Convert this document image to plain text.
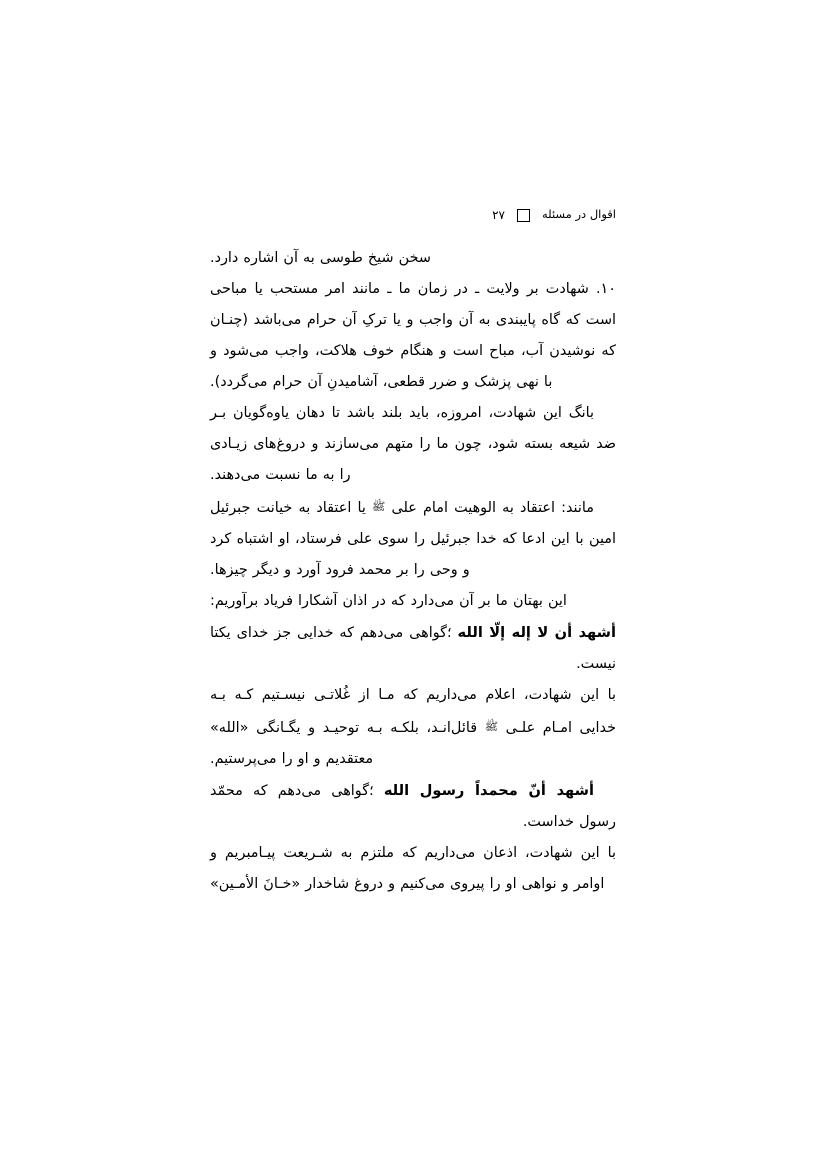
اقوال در مسئله
۲۷

سخن شیخ طوسی به آن اشاره دارد.

۱۰. شهادت بر ولایت ـ در زمان ما ـ مانند امر مستحب یا مباحی است که گاه پایبندی به آن واجب و یا ترکِ آن حرام می‌باشد (چنـان که نوشیدن آب، مباح است و هنگام خوف هلاکت، واجب می‌شود و با نهی پزشک و ضرر قطعی، آشامیدنِ آن حرام می‌گردد).

بانگ این شهادت، امروزه، باید بلند باشد تا دهان یاوه‌گویان بـر ضد شیعه بسته شود، چون ما را متهم می‌سازند و دروغ‌های زیـادی را به ما نسبت می‌دهند.

مانند: اعتقاد به الوهیت امام علی ﷺ یا اعتقاد به خیانت جبرئیل امین با این ادعا که خدا جبرئیل را سوی علی فرستاد، او اشتباه کرد و وحی را بر محمد فرود آورد و دیگر چیزها.

این بهتان ما بر آن می‌دارد که در اذان آشکارا فریاد برآوریم:

أشهد أن لا إله إلّا الله ؛گواهی می‌دهم که خدایی جز خدای یکتا نیست.

با این شهادت، اعلام می‌داریم که مـا از غُلاتـی نیسـتیم کـه بـه خدایی امـام علـی ﷺ قائل‌انـد، بلکـه بـه توحیـد و یگـانگی «الله» معتقدیم و او را می‌پرستیم.

أشهد أنّ محمداً رسول الله ؛گواهی می‌دهم که محمّد رسول خداست.

با این شهادت، اذعان می‌داریم که ملتزم به شـریعت پیـامبریم و اوامر و نواهی او را پیروی می‌کنیم و دروغ شاخدار «خـانَ الأمـین»
